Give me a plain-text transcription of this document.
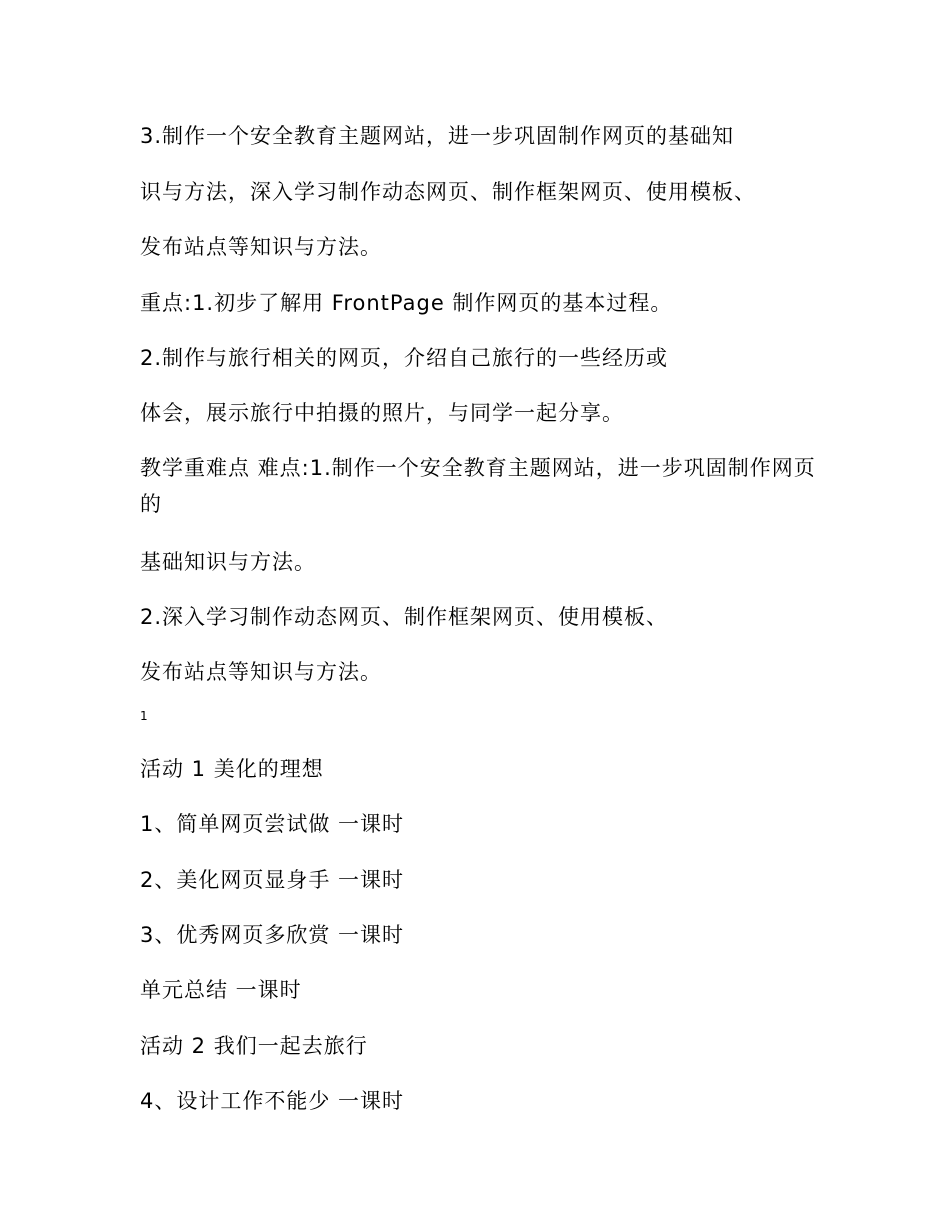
3.制作一个安全教育主题网站，进一步巩固制作网页的基础知
识与方法，深入学习制作动态网页、制作框架网页、使用模板、
发布站点等知识与方法。
重点:1.初步了解用 FrontPage 制作网页的基本过程。
2.制作与旅行相关的网页，介绍自己旅行的一些经历或
体会，展示旅行中拍摄的照片，与同学一起分享。
教学重难点 难点:1.制作一个安全教育主题网站，进一步巩固制作网页的
基础知识与方法。
2.深入学习制作动态网页、制作框架网页、使用模板、
发布站点等知识与方法。
1
活动 1 美化的理想
1、简单网页尝试做 一课时
2、美化网页显身手 一课时
3、优秀网页多欣赏 一课时
单元总结 一课时
活动 2 我们一起去旅行
4、设计工作不能少 一课时
